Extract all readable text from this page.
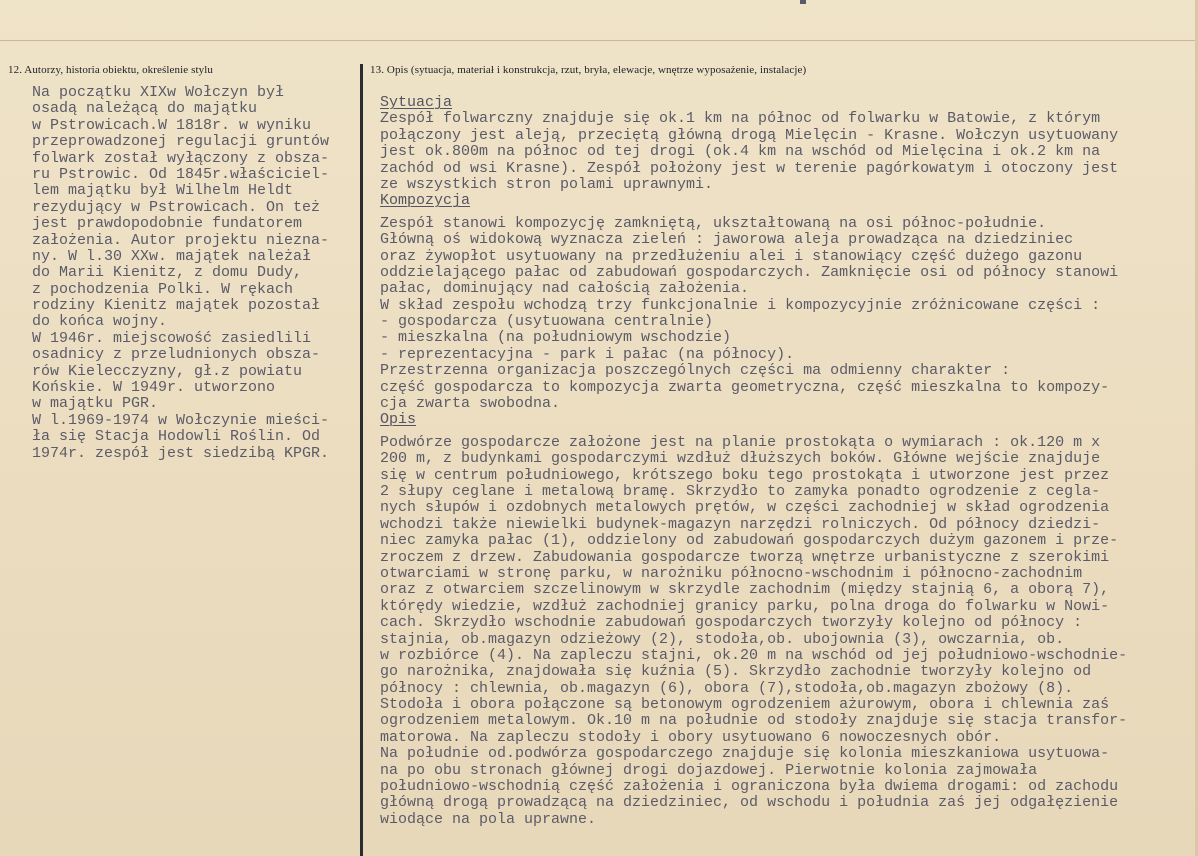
12. Autorzy, historia obiektu, określenie stylu	13. Opis (sytuacja, materiał i konstrukcja, rzut, bryła, elewacje, wnętrze wyposażenie, instalacje)
Na początku XIXw Wołczyn był
osadą należącą do majątku
w Pstrowicach.W 1818r. w wyniku
przeprowadzonej regulacji gruntów
folwark został wyłączony z obsza-
ru Pstrowic. Od 1845r.właściciel-
lem majątku był Wilhelm Heldt
rezydujący w Pstrowicach. On też
jest prawdopodobnie fundatorem
założenia. Autor projektu niezna-
ny. W l.30 XXw. majątek należał
do Marii Kienitz, z domu Dudy,
z pochodzenia Polki. W rękach
rodziny Kienitz majątek pozostał
do końca wojny.
W 1946r. miejscowość zasiedlili
osadnicy z przeludnionych obsza-
rów Kielecczyzny, gł.z powiatu
Końskie. W 1949r. utworzono
w majątku PGR.
W l.1969-1974 w Wołczynie mieści-
ła się Stacja Hodowli Roślin. Od
1974r. zespół jest siedzibą KPGR.
Sytuacja
Zespół folwarczny znajduje się ok.1 km na północ od folwarku w Batowie, z którym
połączony jest aleją, przeciętą główną drogą Mielęcin - Krasne. Wołczyn usytuowany
jest ok.800m na północ od tej drogi (ok.4 km na wschód od Mielęcina i ok.2 km na
zachód od wsi Krasne). Zespół położony jest w terenie pagórkowatym i otoczony jest
ze wszystkich stron polami uprawnymi.
Kompozycja
Zespół stanowi kompozycję zamkniętą, ukształtowaną na osi północ-południe.
Główną oś widokową wyznacza zieleń : jaworowa aleja prowadząca na dziedziniec
oraz żywopłot usytuowany na przedłużeniu alei i stanowiący część dużego gazonu
oddzielającego pałac od zabudowań gospodarczych. Zamknięcie osi od północy stanowi
pałac, dominujący nad całością założenia.
W skład zespołu wchodzą trzy funkcjonalnie i kompozycyjnie zróżnicowane części :
- gospodarcza (usytuowana centralnie)
- mieszkalna (na południowym wschodzie)
- reprezentacyjna - park i pałac (na północy).
Przestrzenna organizacja poszczególnych części ma odmienny charakter :
część gospodarcza to kompozycja zwarta geometryczna, część mieszkalna to kompozy-
cja zwarta swobodna.
Opis
Podwórze gospodarcze założone jest na planie prostokąta o wymiarach : ok.120 m x
200 m, z budynkami gospodarczymi wzdłuż dłuższych boków. Główne wejście znajduje
się w centrum południowego, krótszego boku tego prostokąta i utworzone jest przez
2 słupy ceglane i metalową bramę. Skrzydło to zamyka ponadto ogrodzenie z cegla-
nych słupów i ozdobnych metalowych prętów, w części zachodniej w skład ogrodzenia
wchodzi także niewielki budynek-magazyn narzędzi rolniczych. Od północy dziedzi-
niec zamyka pałac (1), oddzielony od zabudowań gospodarczych dużym gazonem i prze-
zroczem z drzew. Zabudowania gospodarcze tworzą wnętrze urbanistyczne z szerokimi
otwarciami w stronę parku, w narożniku północno-wschodnim i północno-zachodnim
oraz z otwarciem szczelinowym w skrzydle zachodnim (między stajnią 6, a oborą 7),
którędy wiedzie, wzdłuż zachodniej granicy parku, polna droga do folwarku w Nowi-
cach. Skrzydło wschodnie zabudowań gospodarczych tworzyły kolejno od północy :
stajnia, ob.magazyn odzieżowy (2), stodoła,ob. ubojownia (3), owczarnia, ob.
w rozbiórce (4). Na zapleczu stajni, ok.20 m na wschód od jej południowo-wschodnie-
go narożnika, znajdowała się kuźnia (5). Skrzydło zachodnie tworzyły kolejno od
północy : chlewnia, ob.magazyn (6), obora (7),stodoła,ob.magazyn zbożowy (8).
Stodoła i obora połączone są betonowym ogrodzeniem ażurowym, obora i chlewnia zaś
ogrodzeniem metalowym. Ok.10 m na południe od stodoły znajduje się stacja transfor-
matorowa. Na zapleczu stodoły i obory usytuowano 6 nowoczesnych obór.
Na południe od.podwórza gospodarczego znajduje się kolonia mieszkaniowa usytuowa-
na po obu stronach głównej drogi dojazdowej. Pierwotnie kolonia zajmowała
południowo-wschodnią część założenia i ograniczona była dwiema drogami: od zachodu
główną drogą prowadzącą na dziedziniec, od wschodu i południa zaś jej odgałęzienie
wiodące na pola uprawne.
